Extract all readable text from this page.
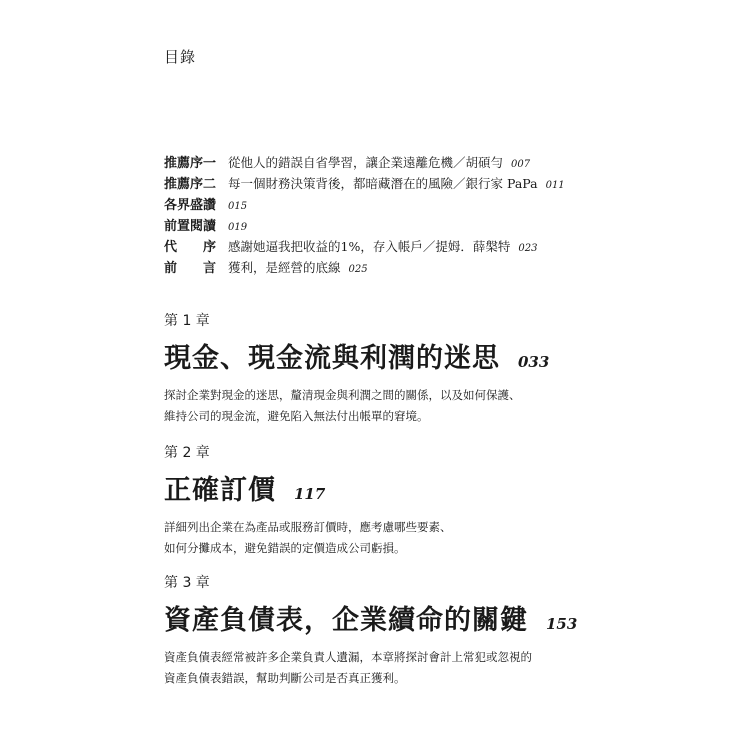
目錄
推薦序一 從他人的錯誤自省學習，讓企業遠離危機／胡碩勻 007
推薦序二 每一個財務決策背後，都暗藏潛在的風險／銀行家 PaPa 011
各界盛讚	015
前置閱讀	019
代 序 感謝她逼我把收益的1%，存入帳戶／提姆．薛槃特 023
前 言 獲利，是經營的底線 025
第 1 章
現金、現金流與利潤的迷思 033
探討企業對現金的迷思，釐清現金與利潤之間的關係，以及如何保護、
維持公司的現金流，避免陷入無法付出帳單的窘境。
第 2 章
正確訂價 117
詳細列出企業在為產品或服務訂價時，應考慮哪些要素、
如何分攤成本，避免錯誤的定價造成公司虧損。
第 3 章
資產負債表，企業續命的關鍵 153
資產負債表經常被許多企業負責人遺漏，本章將探討會計上常犯或忽視的
資產負債表錯誤，幫助判斷公司是否真正獲利。
